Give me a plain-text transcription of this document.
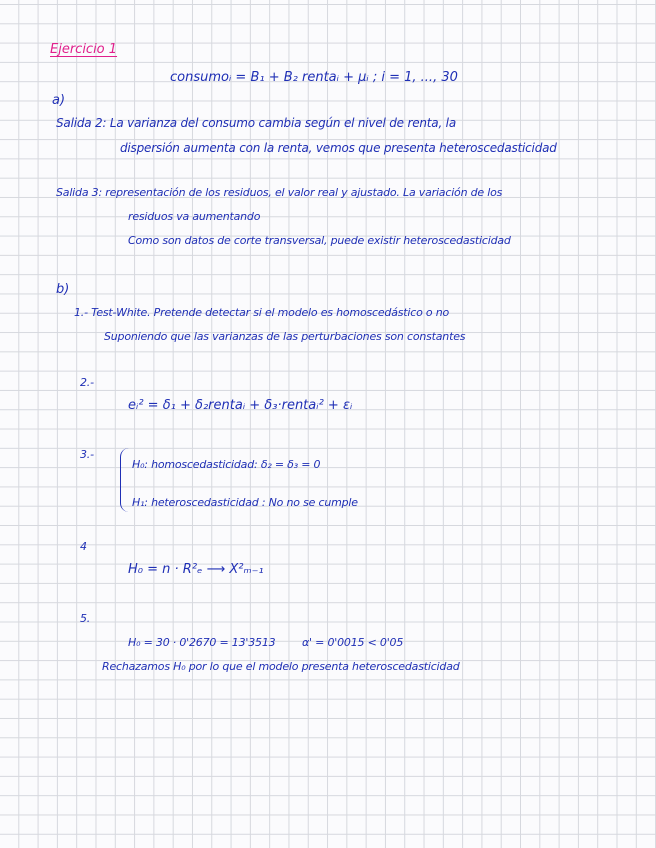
Ejercicio 1
consumoᵢ = B₁ + B₂ rentaᵢ + μᵢ ; i = 1, ..., 30
a)
Salida 2: La varianza del consumo cambia según el nivel de renta, la
dispersión aumenta con la renta, vemos que presenta heteroscedasticidad
Salida 3: representación de los residuos, el valor real y ajustado. La variación de los
residuos va aumentando
Como son datos de corte transversal, puede existir heteroscedasticidad
b)
1.- Test-White. Pretende detectar si el modelo es homoscedástico o no
Suponiendo que las varianzas de las perturbaciones son constantes
2.-
eᵢ² = δ₁ + δ₂rentaᵢ + δ₃·rentaᵢ² + εᵢ
3.-
H₀: homoscedasticidad: δ₂ = δ₃ = 0
H₁: heteroscedasticidad : No no se cumple
4
H₀ = n · R²ₑ ⟶ X²ₘ₋₁
5.
H₀ = 30 · 0'2670 = 13'3513 α' = 0'0015 < 0'05
Rechazamos H₀ por lo que el modelo presenta heteroscedasticidad
